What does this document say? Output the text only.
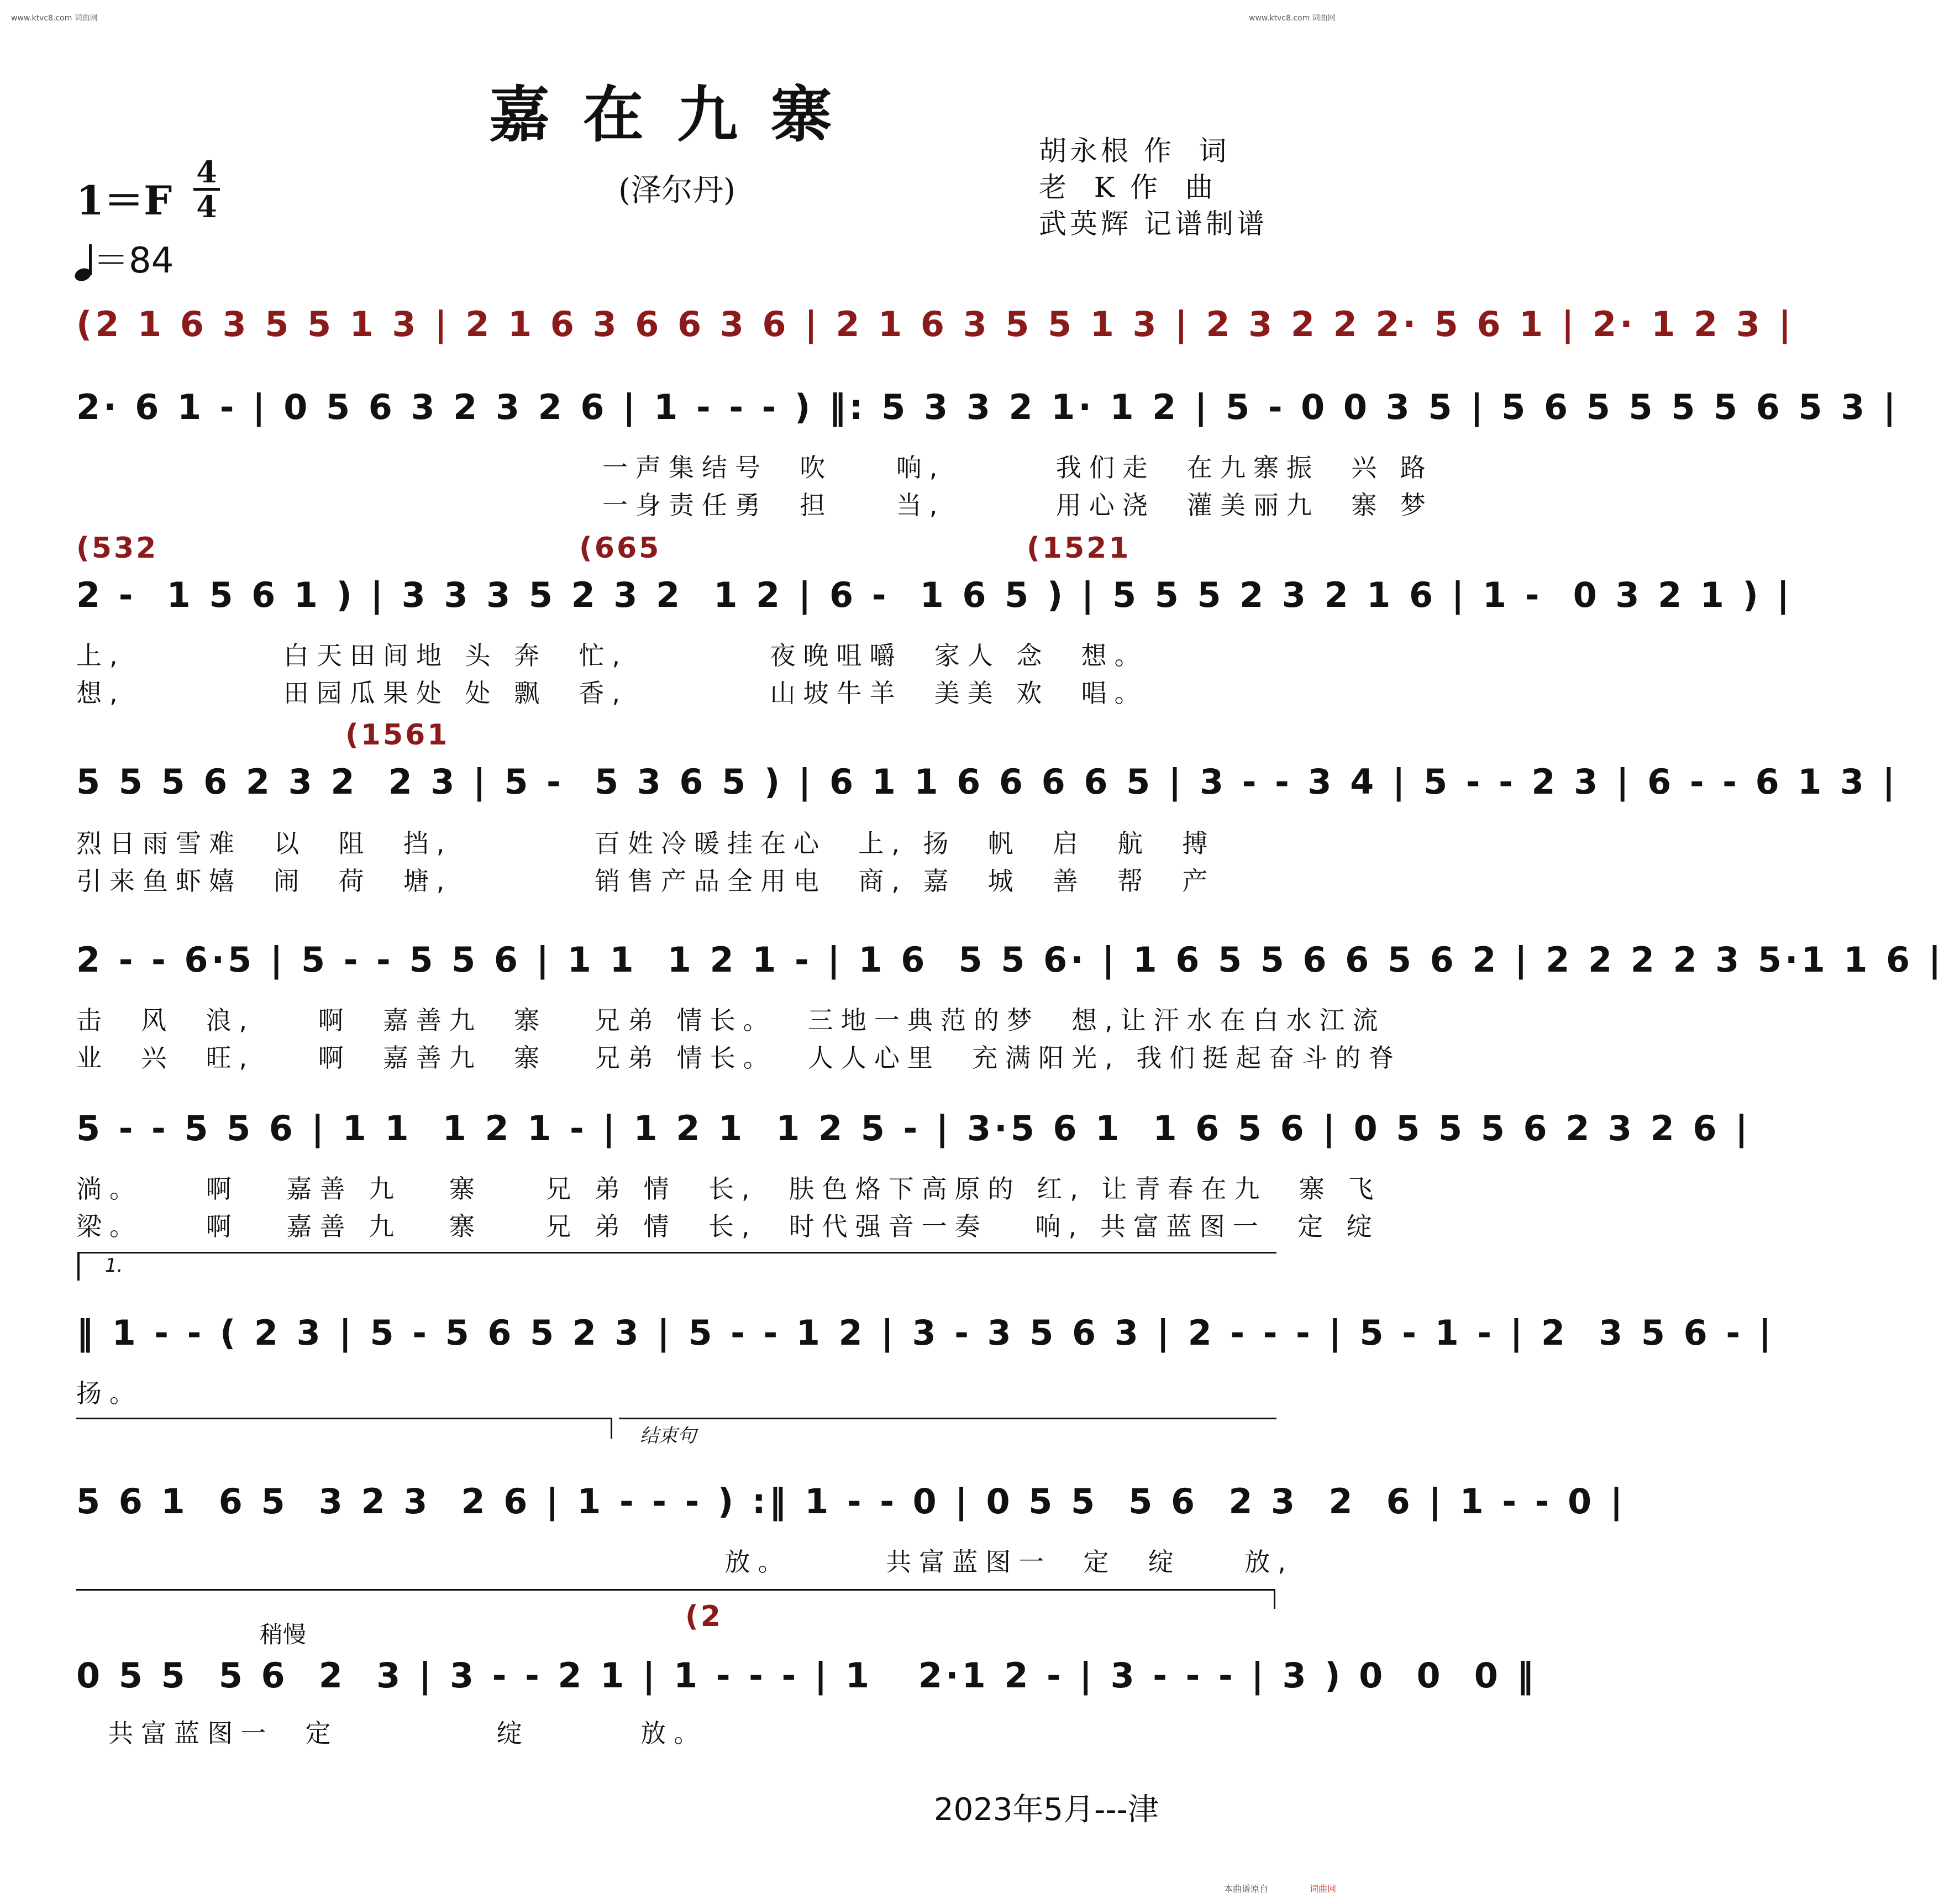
www.ktvc8.com 词曲网	www.ktvc8.com 词曲网
嘉在九寨
(泽尔丹)
1＝F
4
4
＝84
胡永根 作  词
老  K 作  曲
武英辉 记谱制谱
(2 1 6 3 5 5 1 3 | 2 1 6 3 6 6 3 6 | 2 1 6 3 5 5 1 3 | 2 3 2 2 2· 5 6 1 | 2· 1 2 3 |
2· 6 1 - | 0 5 6 3 2 3 2 6 | 1 - - - ) ‖: 5 3 3 2 1· 1 2 | 5 - 0 0 3 5 | 5 6 5 5 5 5 6 5 3 |
一声集结号  吹    响,       我们走  在九寨振  兴 路
一身责任勇  担    当,       用心浇  灌美丽九  寨 梦
(532	(665	(1521
2 -  1 5 6 1 ) | 3 3 3 5 2 3 2  1 2 | 6 -  1 6 5 ) | 5 5 5 2 3 2 1 6 | 1 -  0 3 2 1 ) |
上,          白天田间地 头 奔  忙,         夜晚咀嚼  家人 念  想。
想,          田园瓜果处 处 飘  香,         山坡牛羊  美美 欢  唱。
(1561
5 5 5 6 2 3 2  2 3 | 5 -  5 3 6 5 ) | 6 1 1 6 6 6 6 5 | 3 - - 3 4 | 5 - - 2 3 | 6 - - 6 1 3 |
烈日雨雪难  以  阻  挡,         百姓冷暖挂在心  上, 扬  帆  启  航  搏
引来鱼虾嬉  闹  荷  塘,         销售产品全用电  商, 嘉  城  善  帮  产
2 - - 6·5 | 5 - - 5 5 6 | 1 1  1 2 1 - | 1 6  5 5 6· | 1 6 5 5 6 6 5 6 2 | 2 2 2 2 3 5·1 1 6 |
击  风  浪,    啊  嘉善九  寨   兄弟 情长。  三地一典范的梦  想,让汗水在白水江流
业  兴  旺,    啊  嘉善九  寨   兄弟 情长。  人人心里  充满阳光, 我们挺起奋斗的脊
5 - - 5 5 6 | 1 1  1 2 1 - | 1 2 1  1 2 5 - | 3·5 6 1  1 6 5 6 | 0 5 5 5 6 2 3 2 6 |
淌。    啊   嘉善 九   寨    兄 弟 情  长,  肤色烙下高原的 红, 让青春在九  寨 飞
梁。    啊   嘉善 九   寨    兄 弟 情  长,  时代强音一奏   响, 共富蓝图一  定 绽
1.
‖ 1 - - ( 2 3 | 5 - 5 6 5 2 3 | 5 - - 1 2 | 3 - 3 5 6 3 | 2 - - - | 5 - 1 - | 2  3 5 6 - |
扬。
结束句
5 6 1  6 5  3 2 3  2 6 | 1 - - - ) :‖ 1 - - 0 | 0 5 5  5 6  2 3  2  6 | 1 - - 0 |
放。      共富蓝图一  定  绽    放,
稍慢
(2
0 5 5  5 6  2  3 | 3 - - 2 1 | 1 - - - | 1   2·1 2 - | 3 - - - | 3 ) 0  0  0 ‖
共富蓝图一  定          绽       放。
2023年5月---津
本曲谱原自	词曲网
